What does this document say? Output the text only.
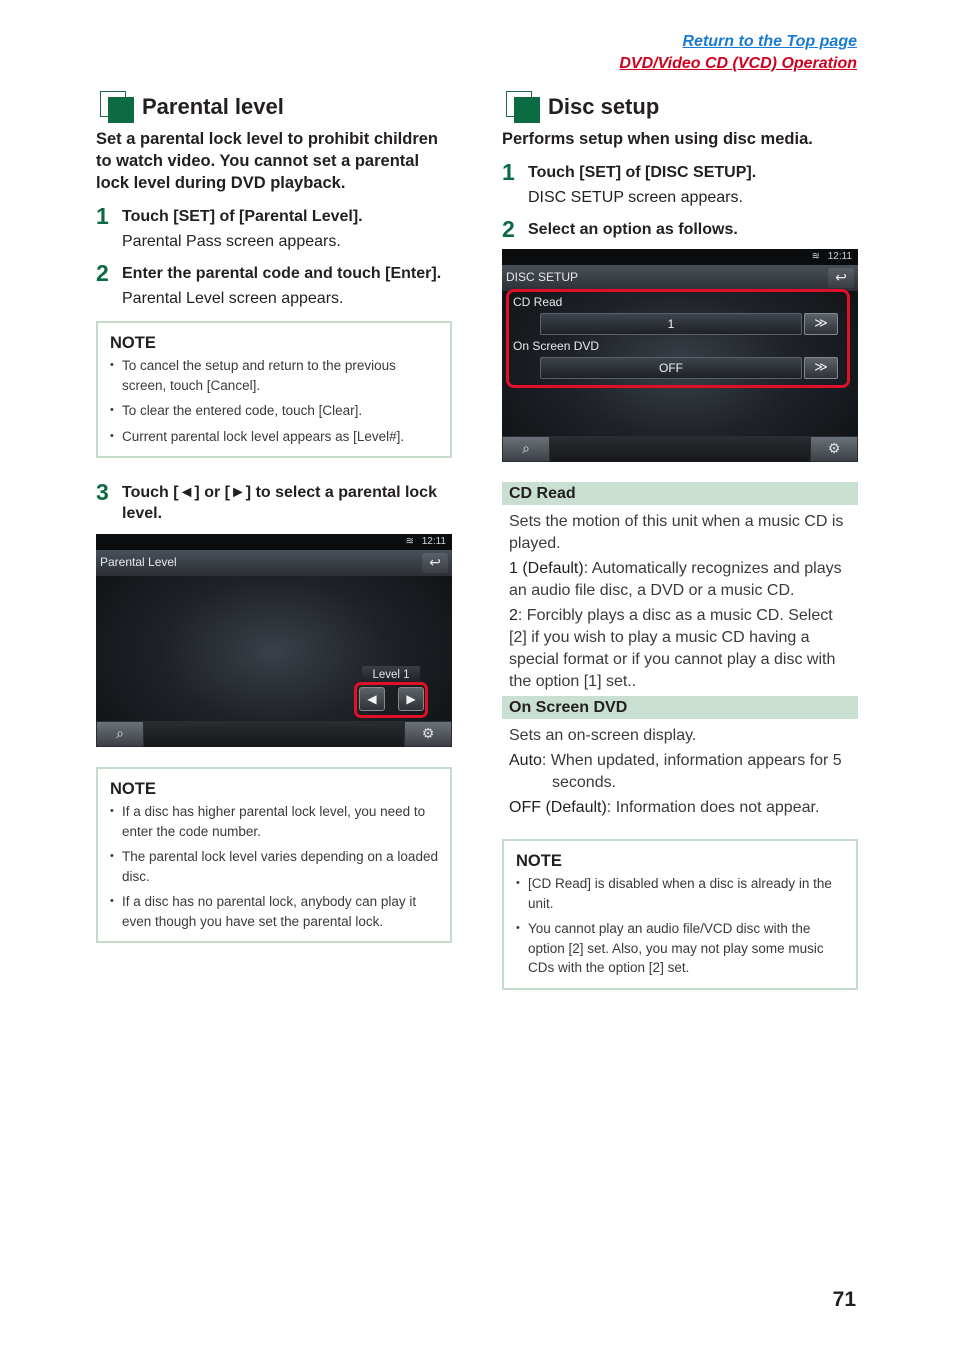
Return to the Top page
DVD/Video CD (VCD) Operation
Parental level
Set a parental lock level to prohibit children to watch video. You cannot set a parental lock level during DVD playback.
1 Touch [SET] of [Parental Level].
Parental Pass screen appears.
2 Enter the parental code and touch [Enter].
Parental Level screen appears.
NOTE
• To cancel the setup and return to the previous screen, touch [Cancel].
• To clear the entered code, touch [Clear].
• Current parental lock level appears as [Level#].
3 Touch [◄] or [►] to select a parental lock level.
≋ 12:11
Parental Level	↩
Level 1
◀	▶
⌕	⚙
NOTE
• If a disc has higher parental lock level, you need to enter the code number.
• The parental lock level varies depending on a loaded disc.
• If a disc has no parental lock, anybody can play it even though you have set the parental lock.
Disc setup
Performs setup when using disc media.
1 Touch [SET] of [DISC SETUP].
DISC SETUP screen appears.
2 Select an option as follows.
≋ 12:11
DISC SETUP	↩
CD Read
1	≫
On Screen DVD
OFF	≫
⌕	⚙
CD Read

Sets the motion of this unit when a music CD is played.

1 (Default): Automatically recognizes and plays an audio file disc, a DVD or a music CD.

2: Forcibly plays a disc as a music CD. Select [2] if you wish to play a music CD having a special format or if you cannot play a disc with the option [1] set..

On Screen DVD

Sets an on-screen display.

Auto: When updated, information appears for 5 seconds.

OFF (Default): Information does not appear.

NOTE
• [CD Read] is disabled when a disc is already in the unit.
• You cannot play an audio file/VCD disc with the option [2] set. Also, you may not play some music CDs with the option [2] set.
71
